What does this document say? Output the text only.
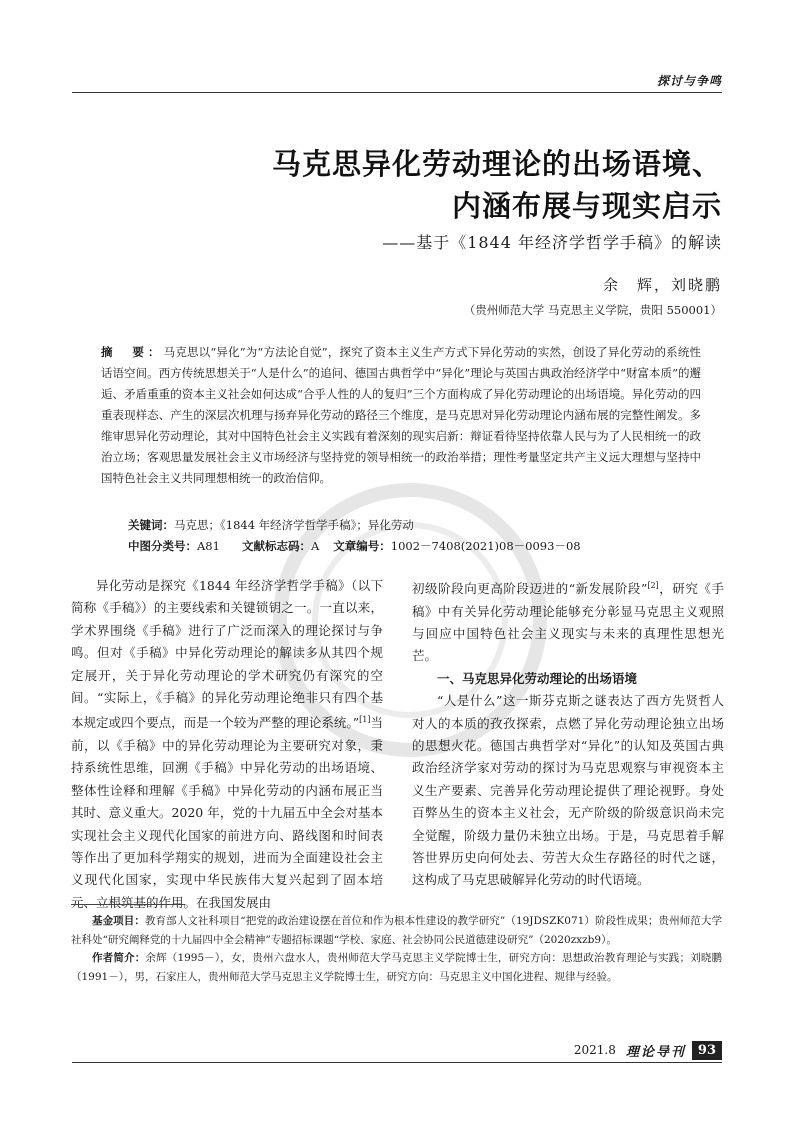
探讨与争鸣
马克思异化劳动理论的出场语境、
内涵布展与现实启示
——基于《1844 年经济学哲学手稿》的解读
余　辉，刘晓鹏
（贵州师范大学 马克思主义学院，贵阳 550001）

摘　要：马克思以“异化”为“方法论自觉”，探究了资本主义生产方式下异化劳动的实然，创设了异化劳动的系统性话语空间。西方传统思想关于“人是什么”的追问、德国古典哲学中“异化”理论与英国古典政治经济学中“财富本质”的邂逅、矛盾重重的资本主义社会如何达成“合乎人性的人的复归”三个方面构成了异化劳动理论的出场语境。异化劳动的四重表现样态、产生的深层次机理与扬弃异化劳动的路径三个维度，是马克思对异化劳动理论内涵布展的完整性阐发。多维审思异化劳动理论，其对中国特色社会主义实践有着深刻的现实启新：辩证看待坚持依靠人民与为了人民相统一的政治立场；客观思量发展社会主义市场经济与坚持党的领导相统一的政治举措；理性考量坚定共产主义远大理想与坚持中国特色社会主义共同理想相统一的政治信仰。

关键词：马克思；《1844 年经济学哲学手稿》；异化劳动
中图分类号：A81 文献标志码：A 文章编号：1002－7408(2021)08－0093－08

异化劳动是探究《1844 年经济学哲学手稿》（以下简称《手稿》）的主要线索和关键锁钥之一。一直以来，学术界围绕《手稿》进行了广泛而深入的理论探讨与争鸣。但对《手稿》中异化劳动理论的解读多从其四个规定展开，关于异化劳动理论的学术研究仍有深究的空间。“实际上，《手稿》的异化劳动理论绝非只有四个基本规定或四个要点，而是一个较为严整的理论系统。”[1]当前，以《手稿》中的异化劳动理论为主要研究对象，秉持系统性思维，回溯《手稿》中异化劳动的出场语境、整体性诠释和理解《手稿》中异化劳动的内涵布展正当其时、意义重大。2020 年，党的十九届五中全会对基本实现社会主义现代化国家的前进方向、路线图和时间表等作出了更加科学翔实的规划，进而为全面建设社会主义现代化国家，实现中华民族伟大复兴起到了固本培元、立根筑基的作用。在我国发展由

初级阶段向更高阶段迈进的“新发展阶段”[2]，研究《手稿》中有关异化劳动理论能够充分彰显马克思主义观照与回应中国特色社会主义现实与未来的真理性思想光芒。

一、马克思异化劳动理论的出场语境

“人是什么”这一斯芬克斯之谜表达了西方先贤哲人对人的本质的孜孜探索，点燃了异化劳动理论独立出场的思想火花。德国古典哲学对“异化”的认知及英国古典政治经济学家对劳动的探讨为马克思观察与审视资本主义生产要素、完善异化劳动理论提供了理论视野。身处百弊丛生的资本主义社会，无产阶级的阶级意识尚未完全觉醒，阶级力量仍未独立出场。于是，马克思着手解答世界历史向何处去、劳苦大众生存路径的时代之谜，这构成了马克思破解异化劳动的时代语境。

基金项目：教育部人文社科项目“把党的政治建设摆在首位和作为根本性建设的教学研究”（19JDSZK071）阶段性成果；贵州师范大学社科处“研究阐释党的十九届四中全会精神”专题招标课题“学校、家庭、社会协同公民道德建设研究”（2020zxzb9）。

作者简介：余辉（1995－），女，贵州六盘水人，贵州师范大学马克思主义学院博士生，研究方向：思想政治教育理论与实践；刘晓鹏（1991－），男，石家庄人，贵州师范大学马克思主义学院博士生，研究方向：马克思主义中国化进程、规律与经验。

2021.8 理论导刊 93
